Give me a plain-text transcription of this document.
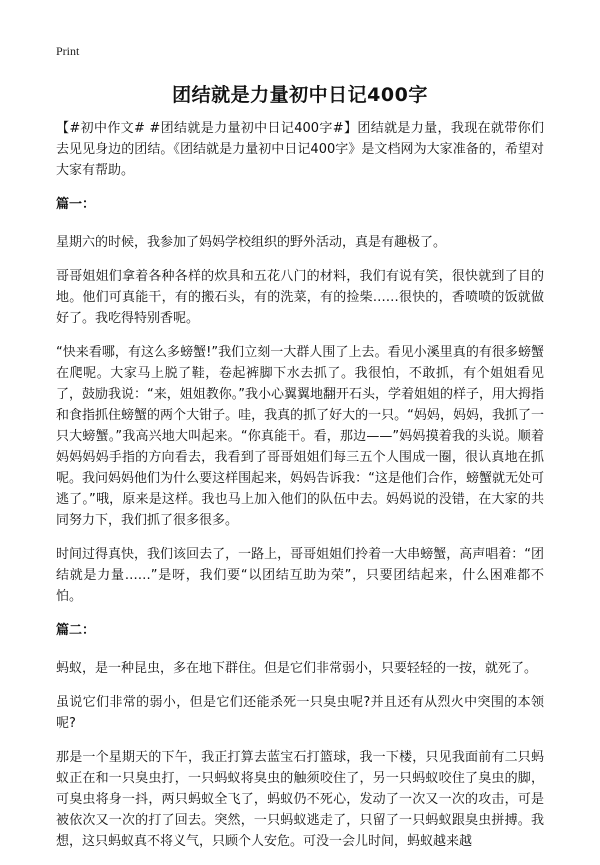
Print
团结就是力量初中日记400字

【#初中作文# #团结就是力量初中日记400字#】团结就是力量，我现在就带你们去见见身边的团结。《团结就是力量初中日记400字》是文档网为大家准备的，希望对大家有帮助。

篇一：

星期六的时候，我参加了妈妈学校组织的野外活动，真是有趣极了。

哥哥姐姐们拿着各种各样的炊具和五花八门的材料，我们有说有笑，很快就到了目的地。他们可真能干，有的搬石头，有的洗菜，有的捡柴……很快的，香喷喷的饭就做好了。我吃得特别香呢。

“快来看哪，有这么多螃蟹!”我们立刻一大群人围了上去。看见小溪里真的有很多螃蟹在爬呢。大家马上脱了鞋，卷起裤脚下水去抓了。我很怕，不敢抓，有个姐姐看见了，鼓励我说：“来，姐姐教你。”我小心翼翼地翻开石头，学着姐姐的样子，用大拇指和食指抓住螃蟹的两个大钳子。哇，我真的抓了好大的一只。“妈妈，妈妈，我抓了一只大螃蟹。”我高兴地大叫起来。“你真能干。看，那边——”妈妈摸着我的头说。顺着妈妈妈妈手指的方向看去，我看到了哥哥姐姐们每三五个人围成一圈，很认真地在抓呢。我问妈妈他们为什么要这样围起来，妈妈告诉我：“这是他们合作，螃蟹就无处可逃了。”哦，原来是这样。我也马上加入他们的队伍中去。妈妈说的没错，在大家的共同努力下，我们抓了很多很多。

时间过得真快，我们该回去了，一路上，哥哥姐姐们拎着一大串螃蟹，高声唱着：“团结就是力量……”是呀，我们要“以团结互助为荣”，只要团结起来，什么困难都不怕。

篇二：

蚂蚁，是一种昆虫，多在地下群住。但是它们非常弱小，只要轻轻的一按，就死了。

虽说它们非常的弱小，但是它们还能杀死一只臭虫呢?并且还有从烈火中突围的本领呢?

那是一个星期天的下午，我正打算去蓝宝石打篮球，我一下楼，只见我面前有二只蚂蚁正在和一只臭虫打，一只蚂蚁将臭虫的触须咬住了，另一只蚂蚁咬住了臭虫的脚，可臭虫将身一抖，两只蚂蚁全飞了，蚂蚁仍不死心，发动了一次又一次的攻击，可是被依次又一次的打了回去。突然，一只蚂蚁逃走了，只留了一只蚂蚁跟臭虫拼搏。我想，这只蚂蚁真不将义气，只顾个人安危。可没一会儿时间，蚂蚁越来越
